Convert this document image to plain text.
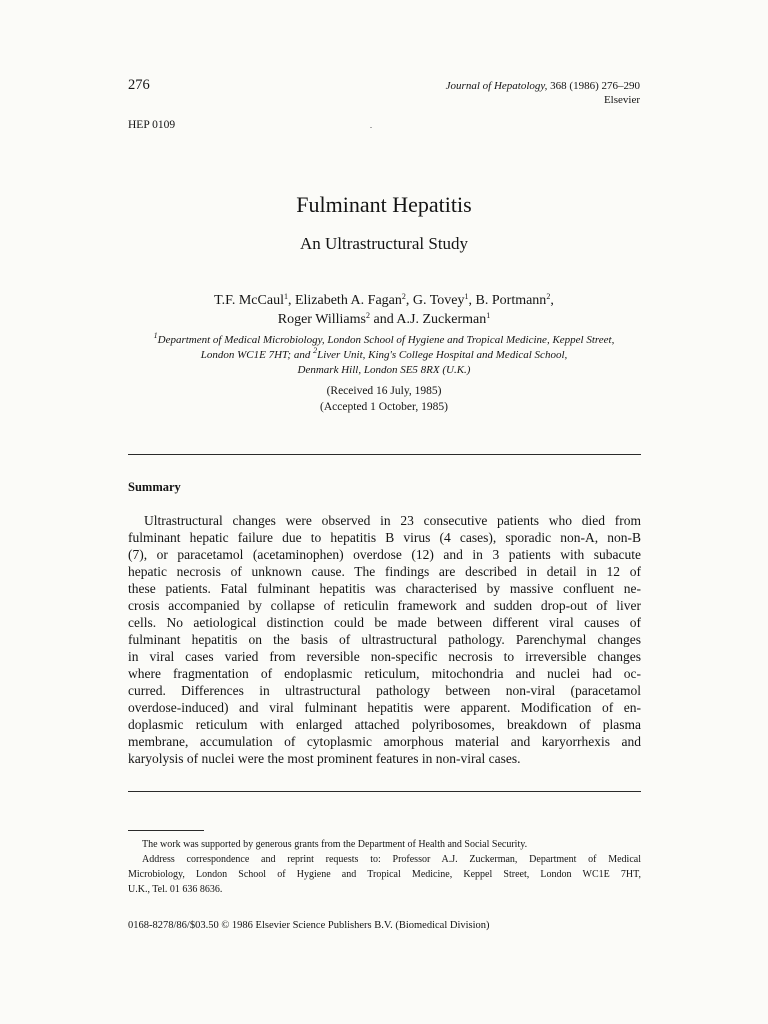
276	Journal of Hepatology, 368 (1986) 276–290
Elsevier
HEP 0109
Fulminant Hepatitis
An Ultrastructural Study
T.F. McCaul$^1$, Elizabeth A. Fagan$^2$, G. Tovey$^1$, B. Portmann$^2$,
Roger Williams$^2$ and A.J. Zuckerman$^1$
$^1$Department of Medical Microbiology, London School of Hygiene and Tropical Medicine, Keppel Street,
London WC1E 7HT; and $^2$Liver Unit, King's College Hospital and Medical School,
Denmark Hill, London SE5 8RX (U.K.)
(Received 16 July, 1985)
(Accepted 1 October, 1985)
Summary
Ultrastructural changes were observed in 23 consecutive patients who died from
fulminant hepatic failure due to hepatitis B virus (4 cases), sporadic non-A, non-B
(7), or paracetamol (acetaminophen) overdose (12) and in 3 patients with subacute
hepatic necrosis of unknown cause. The findings are described in detail in 12 of
these patients. Fatal fulminant hepatitis was characterised by massive confluent ne-
crosis accompanied by collapse of reticulin framework and sudden drop-out of liver
cells. No aetiological distinction could be made between different viral causes of
fulminant hepatitis on the basis of ultrastructural pathology. Parenchymal changes
in viral cases varied from reversible non-specific necrosis to irreversible changes
where fragmentation of endoplasmic reticulum, mitochondria and nuclei had oc-
curred. Differences in ultrastructural pathology between non-viral (paracetamol
overdose-induced) and viral fulminant hepatitis were apparent. Modification of en-
doplasmic reticulum with enlarged attached polyribosomes, breakdown of plasma
membrane, accumulation of cytoplasmic amorphous material and karyorrhexis and
karyolysis of nuclei were the most prominent features in non-viral cases.
The work was supported by generous grants from the Department of Health and Social Security.
Address correspondence and reprint requests to: Professor A.J. Zuckerman, Department of Medical
Microbiology, London School of Hygiene and Tropical Medicine, Keppel Street, London WC1E 7HT,
U.K., Tel. 01 636 8636.
0168-8278/86/$03.50 © 1986 Elsevier Science Publishers B.V. (Biomedical Division)
